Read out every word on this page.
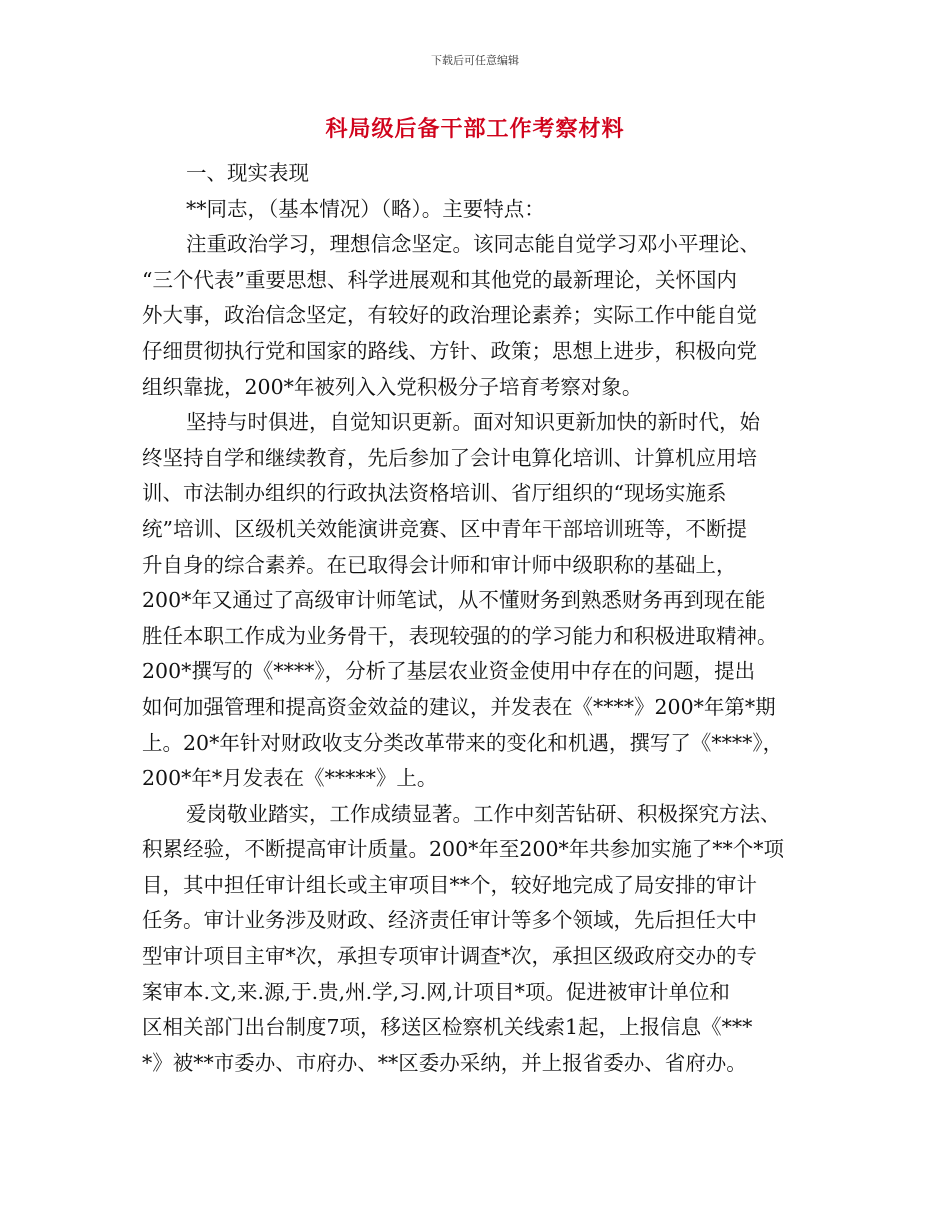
下载后可任意编辑
科局级后备干部工作考察材料
一、现实表现
**同志，（基本情况）（略）。主要特点：
注重政治学习，理想信念坚定。该同志能自觉学习邓小平理论、
“三个代表”重要思想、科学进展观和其他党的最新理论，关怀国内
外大事，政治信念坚定，有较好的政治理论素养；实际工作中能自觉
仔细贯彻执行党和国家的路线、方针、政策；思想上进步，积极向党
组织靠拢，200*年被列入入党积极分子培育考察对象。
坚持与时俱进，自觉知识更新。面对知识更新加快的新时代，始
终坚持自学和继续教育，先后参加了会计电算化培训、计算机应用培
训、市法制办组织的行政执法资格培训、省厅组织的“现场实施系
统”培训、区级机关效能演讲竞赛、区中青年干部培训班等，不断提
升自身的综合素养。在已取得会计师和审计师中级职称的基础上，
200*年又通过了高级审计师笔试，从不懂财务到熟悉财务再到现在能
胜任本职工作成为业务骨干，表现较强的的学习能力和积极进取精神。
200*撰写的《****》，分析了基层农业资金使用中存在的问题，提出
如何加强管理和提高资金效益的建议，并发表在《****》200*年第*期
上。20*年针对财政收支分类改革带来的变化和机遇，撰写了《****》，
200*年*月发表在《*****》上。
爱岗敬业踏实，工作成绩显著。工作中刻苦钻研、积极探究方法、
积累经验，不断提高审计质量。200*年至200*年共参加实施了**个*项
目，其中担任审计组长或主审项目**个，较好地完成了局安排的审计
任务。审计业务涉及财政、经济责任审计等多个领域，先后担任大中
型审计项目主审*次，承担专项审计调查*次，承担区级政府交办的专
案审本.文,来.源,于.贵,州.学,习.网,计项目*项。促进被审计单位和
区相关部门出台制度7项，移送区检察机关线索1起，上报信息《***
*》被**市委办、市府办、**区委办采纳，并上报省委办、省府办。
